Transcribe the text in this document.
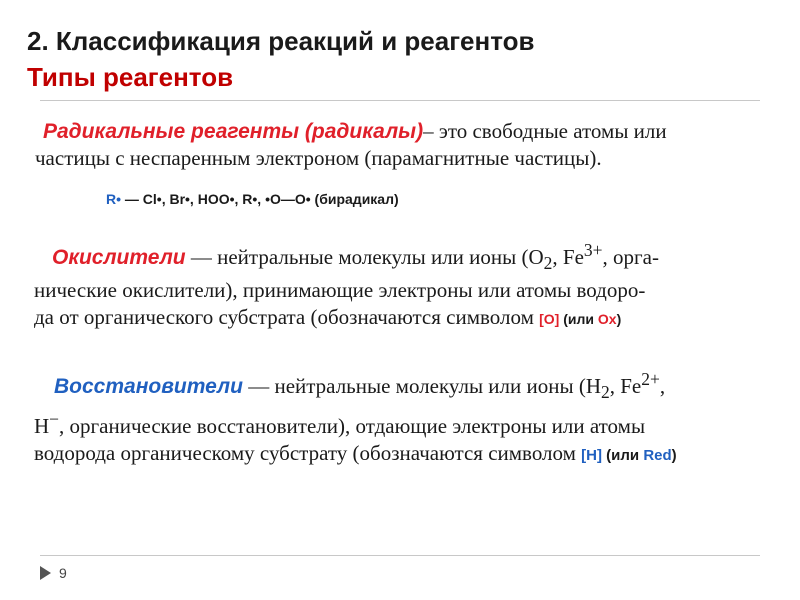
2. Классификация реакций и реагентов
Типы реагентов
Радикальные реагенты (радикалы)– это свободные атомы или
частицы с неспаренным электроном (парамагнитные частицы).
R• — Cl•, Br•, HOO•, R•, •O—O• (бирадикал)
Окислители — нейтральные молекулы или ионы ($O_2$, $Fe^{3+}$, орга-
нические окислители), принимающие электроны или атомы водоро-
да от органического субстрата (обозначаются символом [O] (или Ox)
Восстановители — нейтральные молекулы или ионы ($H_2$, $Fe^{2+}$,
H−, органические восстановители), отдающие электроны или атомы
водорода органическому субстрату (обозначаются символом [H] (или Red)
9
